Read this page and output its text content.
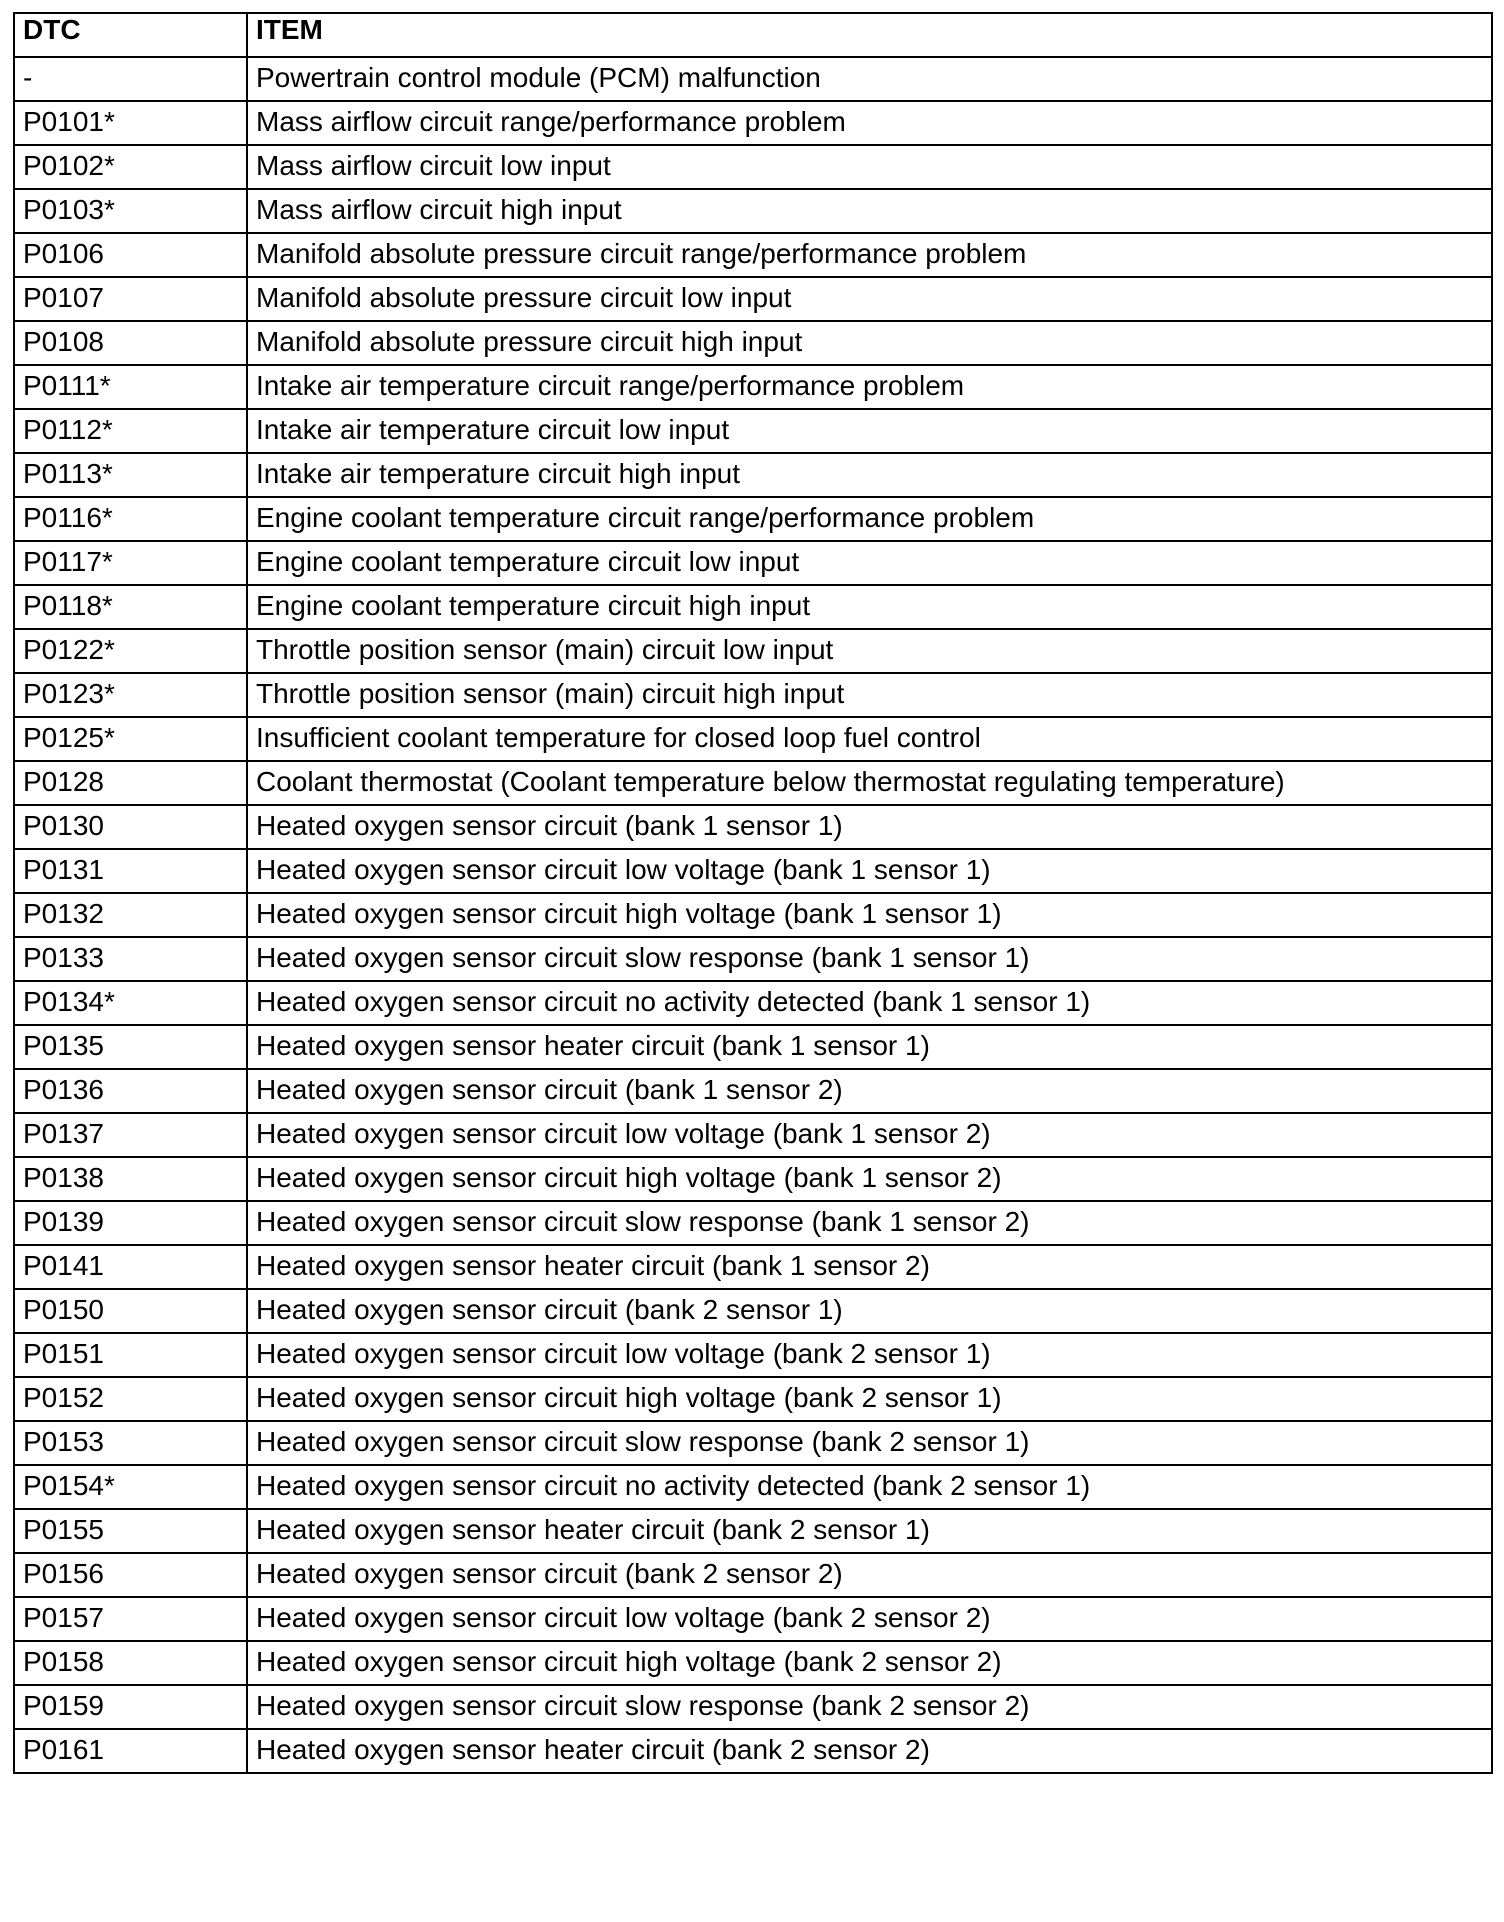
DTC	ITEM
-	Powertrain control module (PCM) malfunction
P0101*	Mass airflow circuit range/performance problem
P0102*	Mass airflow circuit low input
P0103*	Mass airflow circuit high input
P0106	Manifold absolute pressure circuit range/performance problem
P0107	Manifold absolute pressure circuit low input
P0108	Manifold absolute pressure circuit high input
P0111*	Intake air temperature circuit range/performance problem
P0112*	Intake air temperature circuit low input
P0113*	Intake air temperature circuit high input
P0116*	Engine coolant temperature circuit range/performance problem
P0117*	Engine coolant temperature circuit low input
P0118*	Engine coolant temperature circuit high input
P0122*	Throttle position sensor (main) circuit low input
P0123*	Throttle position sensor (main) circuit high input
P0125*	Insufficient coolant temperature for closed loop fuel control
P0128	Coolant thermostat (Coolant temperature below thermostat regulating temperature)
P0130	Heated oxygen sensor circuit (bank 1 sensor 1)
P0131	Heated oxygen sensor circuit low voltage (bank 1 sensor 1)
P0132	Heated oxygen sensor circuit high voltage (bank 1 sensor 1)
P0133	Heated oxygen sensor circuit slow response (bank 1 sensor 1)
P0134*	Heated oxygen sensor circuit no activity detected (bank 1 sensor 1)
P0135	Heated oxygen sensor heater circuit (bank 1 sensor 1)
P0136	Heated oxygen sensor circuit (bank 1 sensor 2)
P0137	Heated oxygen sensor circuit low voltage (bank 1 sensor 2)
P0138	Heated oxygen sensor circuit high voltage (bank 1 sensor 2)
P0139	Heated oxygen sensor circuit slow response (bank 1 sensor 2)
P0141	Heated oxygen sensor heater circuit (bank 1 sensor 2)
P0150	Heated oxygen sensor circuit (bank 2 sensor 1)
P0151	Heated oxygen sensor circuit low voltage (bank 2 sensor 1)
P0152	Heated oxygen sensor circuit high voltage (bank 2 sensor 1)
P0153	Heated oxygen sensor circuit slow response (bank 2 sensor 1)
P0154*	Heated oxygen sensor circuit no activity detected (bank 2 sensor 1)
P0155	Heated oxygen sensor heater circuit (bank 2 sensor 1)
P0156	Heated oxygen sensor circuit (bank 2 sensor 2)
P0157	Heated oxygen sensor circuit low voltage (bank 2 sensor 2)
P0158	Heated oxygen sensor circuit high voltage (bank 2 sensor 2)
P0159	Heated oxygen sensor circuit slow response (bank 2 sensor 2)
P0161	Heated oxygen sensor heater circuit (bank 2 sensor 2)
